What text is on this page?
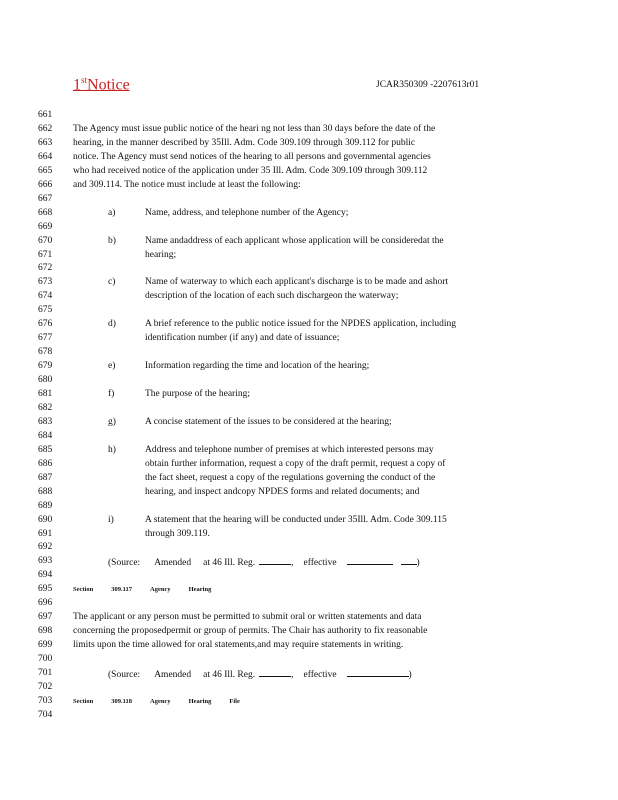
1stNotice	JCAR350309 -2207613r01
661
662
663
664
665
666
667
668
669
670
671
672
673
674
675
676
677
678
679
680
681
682
683
684
685
686
687
688
689
690
691
692
693
694
695
696
697
698
699
700
701
702
703
704
The Agency must issue public notice of the heari ng not less than 30 days before the date of the
hearing, in the manner described by 35Ill. Adm. Code 309.109 through 309.112 for public
notice. The Agency must send notices of the hearing to all persons and governmental agencies
who had received notice of the application under 35 Ill. Adm. Code 309.109 through 309.112
and 309.114. The notice must include at least the following:
a)	Name, address, and telephone number of the Agency;
b)	Name andaddress of each applicant whose application will be consideredat the
hearing;
c)	Name of waterway to which each applicant's discharge is to be made and ashort
description of the location of each such dischargeon the waterway;
d)	A brief reference to the public notice issued for the NPDES application, including
identification number (if any) and date of issuance;
e)	Information regarding the time and location of the hearing;
f)	The purpose of the hearing;
g)	A concise statement of the issues to be considered at the hearing;
h)	Address and telephone number of premises at which interested persons may
obtain further information, request a copy of the draft permit, request a copy of
the fact sheet, request a copy of the regulations governing the conduct of the
hearing, and inspect andcopy NPDES forms and related documents; and
i)	A statement that the hearing will be conducted under 35Ill. Adm. Code 309.115
through 309.119.
(Source: Amended at 46 Ill. Reg.	, effective	)
Section	309.117	Agency	Hearing
The applicant or any person must be permitted to submit oral or written statements and data
concerning the proposedpermit or group of permits. The Chair has authority to fix reasonable
limits upon the time allowed for oral statements,and may require statements in writing.
(Source: Amended at 46 Ill. Reg.	, effective	)
Section	309.118	Agency	Hearing	File
